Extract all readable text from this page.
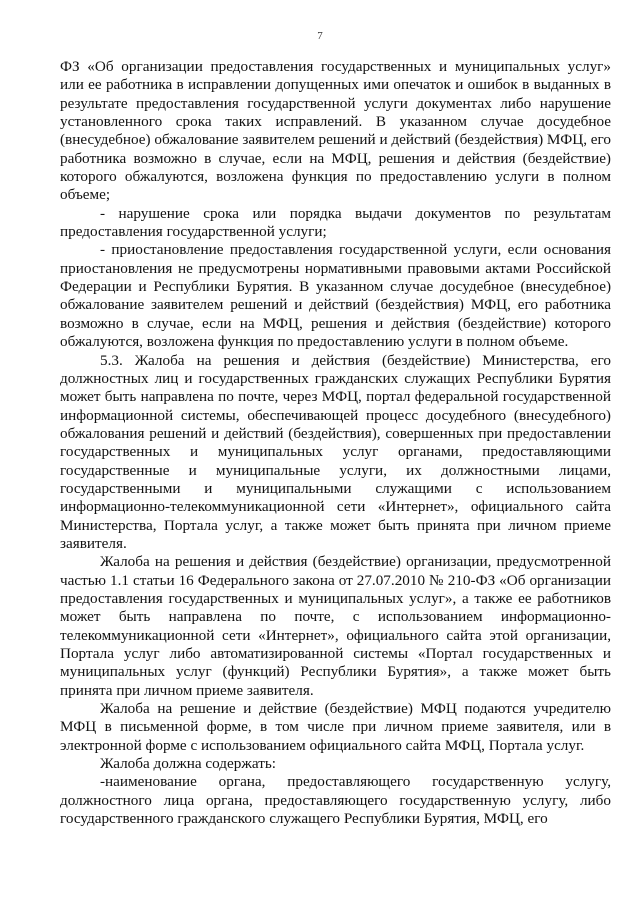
7

ФЗ «Об организации предоставления государственных и муниципальных услуг» или ее работника в исправлении допущенных ими опечаток и ошибок в выданных в результате предоставления государственной услуги документах либо нарушение установленного срока таких исправлений. В указанном случае досудебное (внесудебное) обжалование заявителем решений и действий (бездействия) МФЦ, его работника возможно в случае, если на МФЦ, решения и действия (бездействие) которого обжалуются, возложена функция по предоставлению услуги в полном объеме;

- нарушение срока или порядка выдачи документов по результатам предоставления государственной услуги;

- приостановление предоставления государственной услуги, если основания приостановления не предусмотрены нормативными правовыми актами Российской Федерации и Республики Бурятия. В указанном случае досудебное (внесудебное) обжалование заявителем решений и действий (бездействия) МФЦ, его работника возможно в случае, если на МФЦ, решения и действия (бездействие) которого обжалуются, возложена функция по предоставлению услуги в полном объеме.

5.3. Жалоба на решения и действия (бездействие) Министерства, его должностных лиц и государственных гражданских служащих Республики Бурятия может быть направлена по почте, через МФЦ, портал федеральной государственной информационной системы, обеспечивающей процесс досудебного (внесудебного) обжалования решений и действий (бездействия), совершенных при предоставлении государственных и муниципальных услуг органами, предоставляющими государственные и муниципальные услуги, их должностными лицами, государственными и муниципальными служащими с использованием информационно-телекоммуникационной сети «Интернет», официального сайта Министерства, Портала услуг, а также может быть принята при личном приеме заявителя.

Жалоба на решения и действия (бездействие) организации, предусмотренной частью 1.1 статьи 16 Федерального закона от 27.07.2010 № 210-ФЗ «Об организации предоставления государственных и муниципальных услуг», а также ее работников может быть направлена по почте, с использованием информационно-телекоммуникационной сети «Интернет», официального сайта этой организации, Портала услуг либо автоматизированной системы «Портал государственных и муниципальных услуг (функций) Республики Бурятия», а также может быть принята при личном приеме заявителя.

Жалоба на решение и действие (бездействие) МФЦ подаются учредителю МФЦ в письменной форме, в том числе при личном приеме заявителя, или в электронной форме с использованием официального сайта МФЦ, Портала услуг.

Жалоба должна содержать:

-наименование органа, предоставляющего государственную услугу, должностного лица органа, предоставляющего государственную услугу, либо государственного гражданского служащего Республики Бурятия, МФЦ, его
